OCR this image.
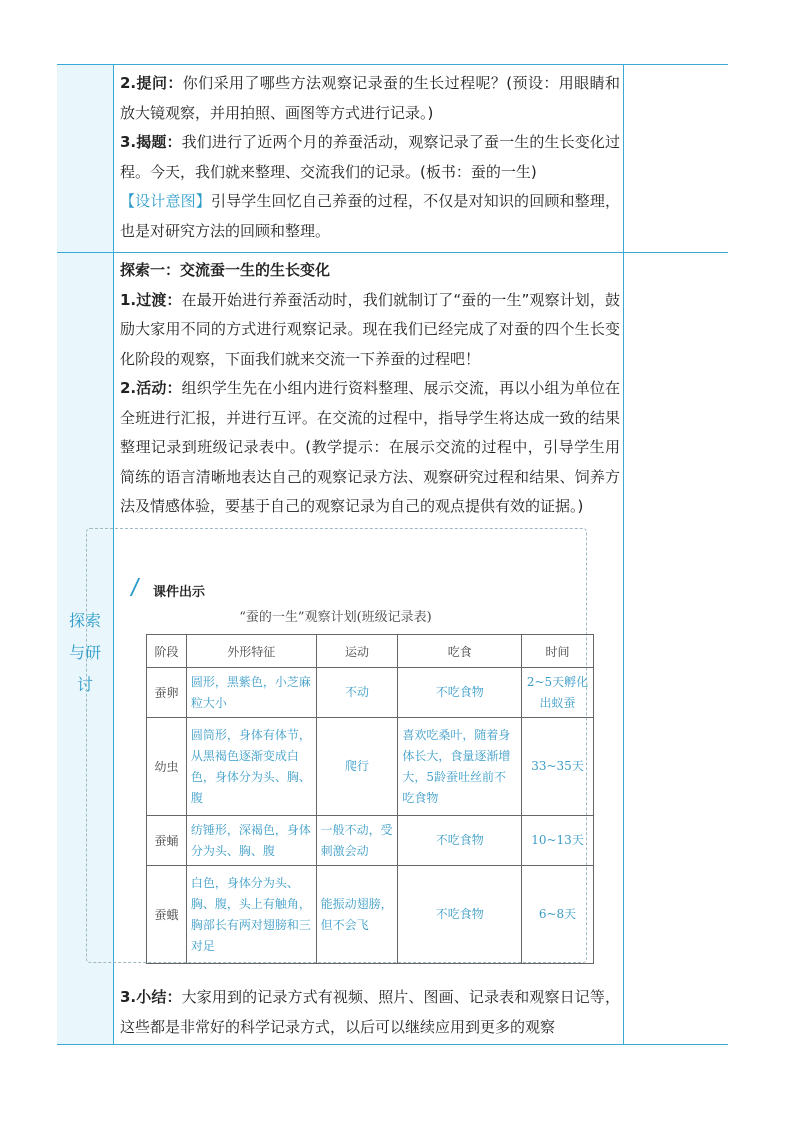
探索
与研
讨

2.提问：你们采用了哪些方法观察记录蚕的生长过程呢？(预设：用眼睛和放大镜观察，并用拍照、画图等方式进行记录。)

3.揭题：我们进行了近两个月的养蚕活动，观察记录了蚕一生的生长变化过程。今天，我们就来整理、交流我们的记录。(板书：蚕的一生)

【设计意图】引导学生回忆自己养蚕的过程，不仅是对知识的回顾和整理，也是对研究方法的回顾和整理。

探索一：交流蚕一生的生长变化

1.过渡：在最开始进行养蚕活动时，我们就制订了“蚕的一生”观察计划，鼓励大家用不同的方式进行观察记录。现在我们已经完成了对蚕的四个生长变化阶段的观察，下面我们就来交流一下养蚕的过程吧！

2.活动：组织学生先在小组内进行资料整理、展示交流，再以小组为单位在全班进行汇报，并进行互评。在交流的过程中，指导学生将达成一致的结果整理记录到班级记录表中。(教学提示：在展示交流的过程中，引导学生用简练的语言清晰地表达自己的观察记录方法、观察研究过程和结果、饲养方法及情感体验，要基于自己的观察记录为自己的观点提供有效的证据。)

3.小结：大家用到的记录方式有视频、照片、图画、记录表和观察日记等，这些都是非常好的科学记录方式，以后可以继续应用到更多的观察

课件出示
“蚕的一生”观察计划(班级记录表)
阶段	外形特征	运动	吃食	时间
蚕卵	圆形，黑紫色，小芝麻粒大小	不动	不吃食物	2~5天孵化出蚁蚕
幼虫	圆筒形，身体有体节，从黑褐色逐渐变成白色，身体分为头、胸、腹	爬行	喜欢吃桑叶，随着身体长大，食量逐渐增大，5龄蚕吐丝前不吃食物	33~35天
蚕蛹	纺锤形，深褐色，身体分为头、胸、腹	一般不动，受刺激会动	不吃食物	10~13天
蚕蛾	白色，身体分为头、胸、腹，头上有触角，胸部长有两对翅膀和三对足	能振动翅膀，但不会飞	不吃食物	6~8天
